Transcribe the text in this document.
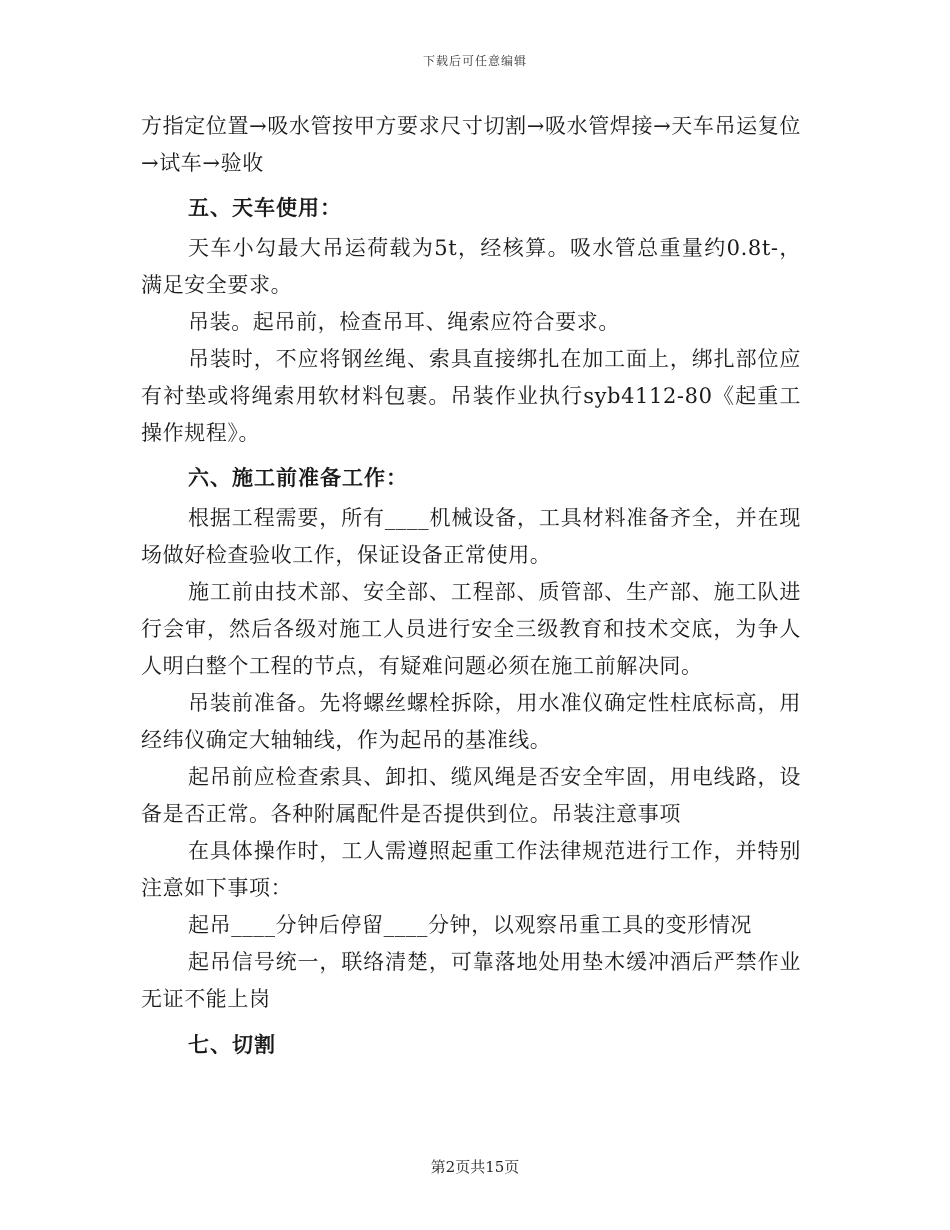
下载后可任意编辑

方指定位置→吸水管按甲方要求尺寸切割→吸水管焊接→天车吊运复位→试车→验收

五、天车使用：

天车小勾最大吊运荷载为5t，经核算。吸水管总重量约0.8t-，满足安全要求。

吊装。起吊前，检查吊耳、绳索应符合要求。

吊装时，不应将钢丝绳、索具直接绑扎在加工面上，绑扎部位应有衬垫或将绳索用软材料包裹。吊装作业执行syb4112-80《起重工操作规程》。

六、施工前准备工作：

根据工程需要，所有____机械设备，工具材料准备齐全，并在现场做好检查验收工作，保证设备正常使用。

施工前由技术部、安全部、工程部、质管部、生产部、施工队进行会审，然后各级对施工人员进行安全三级教育和技术交底，为争人人明白整个工程的节点，有疑难问题必须在施工前解决同。

吊装前准备。先将螺丝螺栓拆除，用水准仪确定性柱底标高，用经纬仪确定大轴轴线，作为起吊的基准线。

起吊前应检查索具、卸扣、缆风绳是否安全牢固，用电线路，设备是否正常。各种附属配件是否提供到位。吊装注意事项

在具体操作时，工人需遵照起重工作法律规范进行工作，并特别注意如下事项：

起吊____分钟后停留____分钟，以观察吊重工具的变形情况

起吊信号统一，联络清楚，可靠落地处用垫木缓冲酒后严禁作业无证不能上岗

七、切割

第2页共15页
